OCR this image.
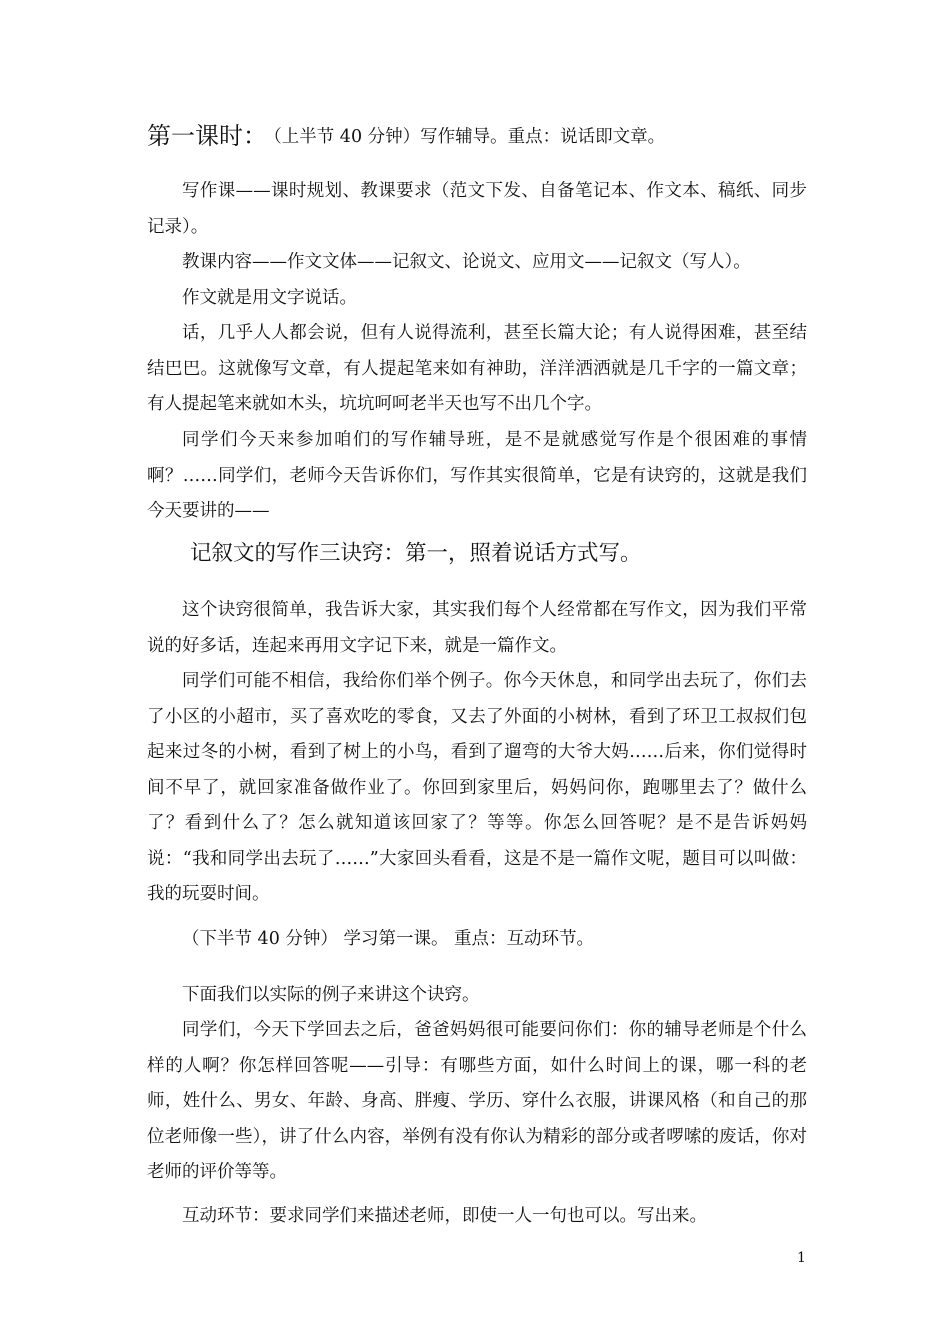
第一课时： （上半节 40 分钟）写作辅导。重点：说话即文章。

写作课——课时规划、教课要求（范文下发、自备笔记本、作文本、稿纸、同步记录）。

教课内容——作文文体——记叙文、论说文、应用文——记叙文（写人）。

作文就是用文字说话。

话，几乎人人都会说，但有人说得流利，甚至长篇大论；有人说得困难，甚至结结巴巴。这就像写文章，有人提起笔来如有神助，洋洋洒洒就是几千字的一篇文章；有人提起笔来就如木头，坑坑呵呵老半天也写不出几个字。

同学们今天来参加咱们的写作辅导班，是不是就感觉写作是个很困难的事情啊？……同学们，老师今天告诉你们，写作其实很简单，它是有诀窍的，这就是我们今天要讲的——

记叙文的写作三诀窍：第一，照着说话方式写。

这个诀窍很简单，我告诉大家，其实我们每个人经常都在写作文，因为我们平常说的好多话，连起来再用文字记下来，就是一篇作文。

同学们可能不相信，我给你们举个例子。你今天休息，和同学出去玩了，你们去了小区的小超市，买了喜欢吃的零食，又去了外面的小树林，看到了环卫工叔叔们包起来过冬的小树，看到了树上的小鸟，看到了遛弯的大爷大妈……后来，你们觉得时间不早了，就回家准备做作业了。你回到家里后，妈妈问你，跑哪里去了？做什么了？看到什么了？怎么就知道该回家了？等等。你怎么回答呢？是不是告诉妈妈说：“我和同学出去玩了……”大家回头看看，这是不是一篇作文呢，题目可以叫做：我的玩耍时间。

（下半节 40 分钟） 学习第一课。 重点：互动环节。

下面我们以实际的例子来讲这个诀窍。

同学们，今天下学回去之后，爸爸妈妈很可能要问你们：你的辅导老师是个什么样的人啊？你怎样回答呢——引导：有哪些方面，如什么时间上的课，哪一科的老师，姓什么、男女、年龄、身高、胖瘦、学历、穿什么衣服，讲课风格（和自己的那位老师像一些），讲了什么内容，举例有没有你认为精彩的部分或者啰嗦的废话，你对老师的评价等等。

互动环节：要求同学们来描述老师，即使一人一句也可以。写出来。

1
